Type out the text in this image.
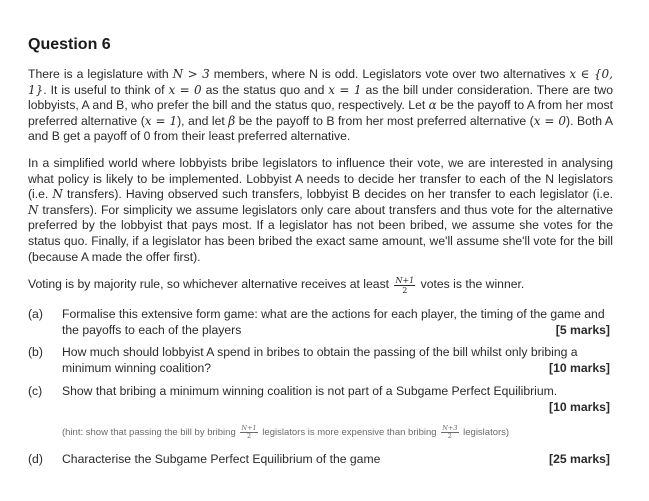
Question 6
There is a legislature with N > 3 members, where N is odd. Legislators vote over two alternatives x ∈ {0, 1}. It is useful to think of x = 0 as the status quo and x = 1 as the bill under consideration. There are two lobbyists, A and B, who prefer the bill and the status quo, respectively. Let α be the payoff to A from her most preferred alternative (x = 1), and let β be the payoff to B from her most preferred alternative (x = 0). Both A and B get a payoff of 0 from their least preferred alternative.
In a simplified world where lobbyists bribe legislators to influence their vote, we are interested in analysing what policy is likely to be implemented. Lobbyist A needs to decide her transfer to each of the N legislators (i.e. N transfers). Having observed such transfers, lobbyist B decides on her transfer to each legislator (i.e. N transfers). For simplicity we assume legislators only care about transfers and thus vote for the alternative preferred by the lobbyist that pays most. If a legislator has not been bribed, we assume she votes for the status quo. Finally, if a legislator has been bribed the exact same amount, we'll assume she'll vote for the bill (because A made the offer first).
Voting is by majority rule, so whichever alternative receives at least $\frac{N+1}{2}$ votes is the winner.
(a) Formalise this extensive form game: what are the actions for each player, the timing of the game and the payoffs to each of the players	[5 marks]
(b) How much should lobbyist A spend in bribes to obtain the passing of the bill whilst only bribing a minimum winning coalition?	[10 marks]
(c) Show that bribing a minimum winning coalition is not part of a Subgame Perfect Equilibrium.
[10 marks]
(hint: show that passing the bill by bribing $\frac{N+1}{2}$ legislators is more expensive than bribing $\frac{N+3}{2}$ legislators)
(d) Characterise the Subgame Perfect Equilibrium of the game	[25 marks]
